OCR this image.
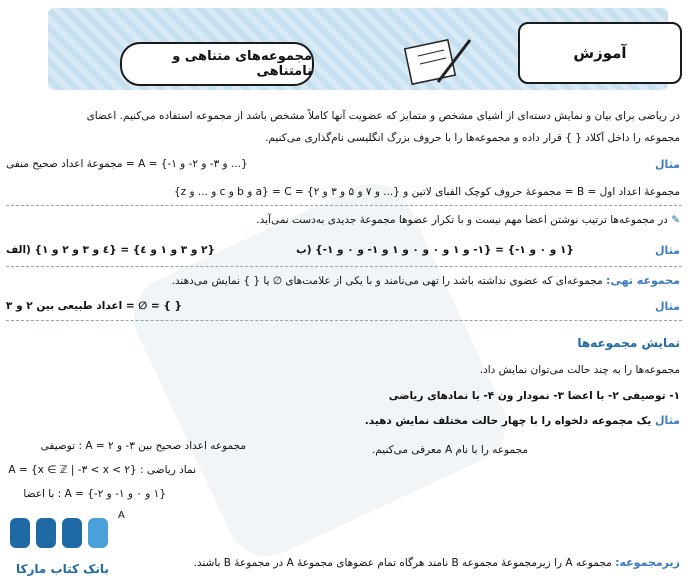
مجموعه‌های متناهی و نامتناهی
آموزش
در ریاضی برای بیان و نمایش دسته‌ای از اشیای مشخص و متمایز که عضویت آنها کاملاً مشخص باشد از مجموعه استفاده می‌کنیم. اعضای
مجموعه را داخل آکلاد { } قرار داده و مجموعه‌ها را با حروف بزرگ انگلیسی نام‌گذاری می‌کنیم.
مثال
{... و ۳- و ۲- و ۱-} = A = مجموعهٔ اعداد صحیح منفی
{z و ... و c و b و a} = C = مجموعهٔ حروف کوچک الفبای لاتین و {... و ۷ و ۵ و ۳ و ۲} = B = مجموعهٔ اعداد اول
✎ در مجموعه‌ها ترتیب نوشتن اعضا مهم نیست و با تکرار عضوها مجموعهٔ جدیدی به‌دست نمی‌آید.
مثال
{۱ و ۰ و ۱-} = {۱- و ۱ و ۰ و ۰ و ۱ و ۱- و ۰ و ۱-} (ب
{۲ و ۳ و ۱ و ٤} = {٤ و ۳ و ۲ و ۱} (الف
مجموعه تهی: مجموعه‌ای که عضوی نداشته باشد را تهی می‌نامند و با یکی از علامت‌های ∅ یا { } نمایش می‌دهند.
مثال
{ } = ∅ = اعداد طبیعی بین ۲ و ۳
نمایش مجموعه‌ها
مجموعه‌ها را به چند حالت می‌توان نمایش داد.
۱- توصیفی ۲- با اعضا ۳- نمودار ون ۴- با نمادهای ریاضی
مثال یک مجموعه دلخواه را با چهار حالت مختلف نمایش دهید.
مجموعه را با نام A معرفی می‌کنیم.
مجموعه اعداد صحیح بین ۳- و ۲ = A : توصیفی
A = {x ∈ ℤ | -۳ < x < ۲} : نماد ریاضی
{۱ و ۰ و ۱- و ۲-} = A : با اعضا
A
زیرمجموعه: مجموعه A را زیرمجموعهٔ مجموعه B نامند هرگاه تمام عضوهای مجموعهٔ A در مجموعهٔ B باشند.
بانک کتاب مارکا
